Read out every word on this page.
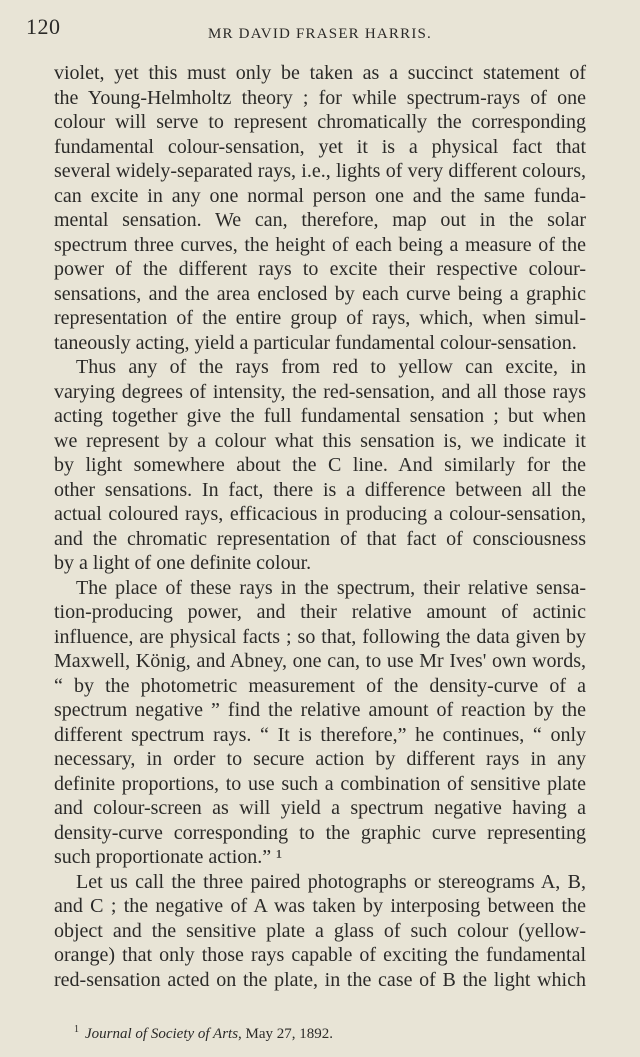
120	MR DAVID FRASER HARRIS.
violet, yet this must only be taken as a succinct statement of
the Young-Helmholtz theory ; for while spectrum-rays of one
colour will serve to represent chromatically the corresponding
fundamental colour-sensation, yet it is a physical fact that
several widely-separated rays, i.e., lights of very different colours,
can excite in any one normal person one and the same funda-
mental sensation. We can, therefore, map out in the solar
spectrum three curves, the height of each being a measure of the
power of the different rays to excite their respective colour-
sensations, and the area enclosed by each curve being a graphic
representation of the entire group of rays, which, when simul-
taneously acting, yield a particular fundamental colour-sensation.
Thus any of the rays from red to yellow can excite, in
varying degrees of intensity, the red-sensation, and all those rays
acting together give the full fundamental sensation ; but when
we represent by a colour what this sensation is, we indicate it
by light somewhere about the C line. And similarly for the
other sensations. In fact, there is a difference between all the
actual coloured rays, efficacious in producing a colour-sensation,
and the chromatic representation of that fact of consciousness
by a light of one definite colour.
The place of these rays in the spectrum, their relative sensa-
tion-producing power, and their relative amount of actinic
influence, are physical facts ; so that, following the data given by
Maxwell, König, and Abney, one can, to use Mr Ives' own words,
“ by the photometric measurement of the density-curve of a
spectrum negative ” find the relative amount of reaction by the
different spectrum rays. “ It is therefore,” he continues, “ only
necessary, in order to secure action by different rays in any
definite proportions, to use such a combination of sensitive plate
and colour-screen as will yield a spectrum negative having a
density-curve corresponding to the graphic curve representing
such proportionate action.” ¹
Let us call the three paired photographs or stereograms A, B,
and C ; the negative of A was taken by interposing between the
object and the sensitive plate a glass of such colour (yellow-
orange) that only those rays capable of exciting the fundamental
red-sensation acted on the plate, in the case of B the light which
$^1$ Journal of Society of Arts, May 27, 1892.
